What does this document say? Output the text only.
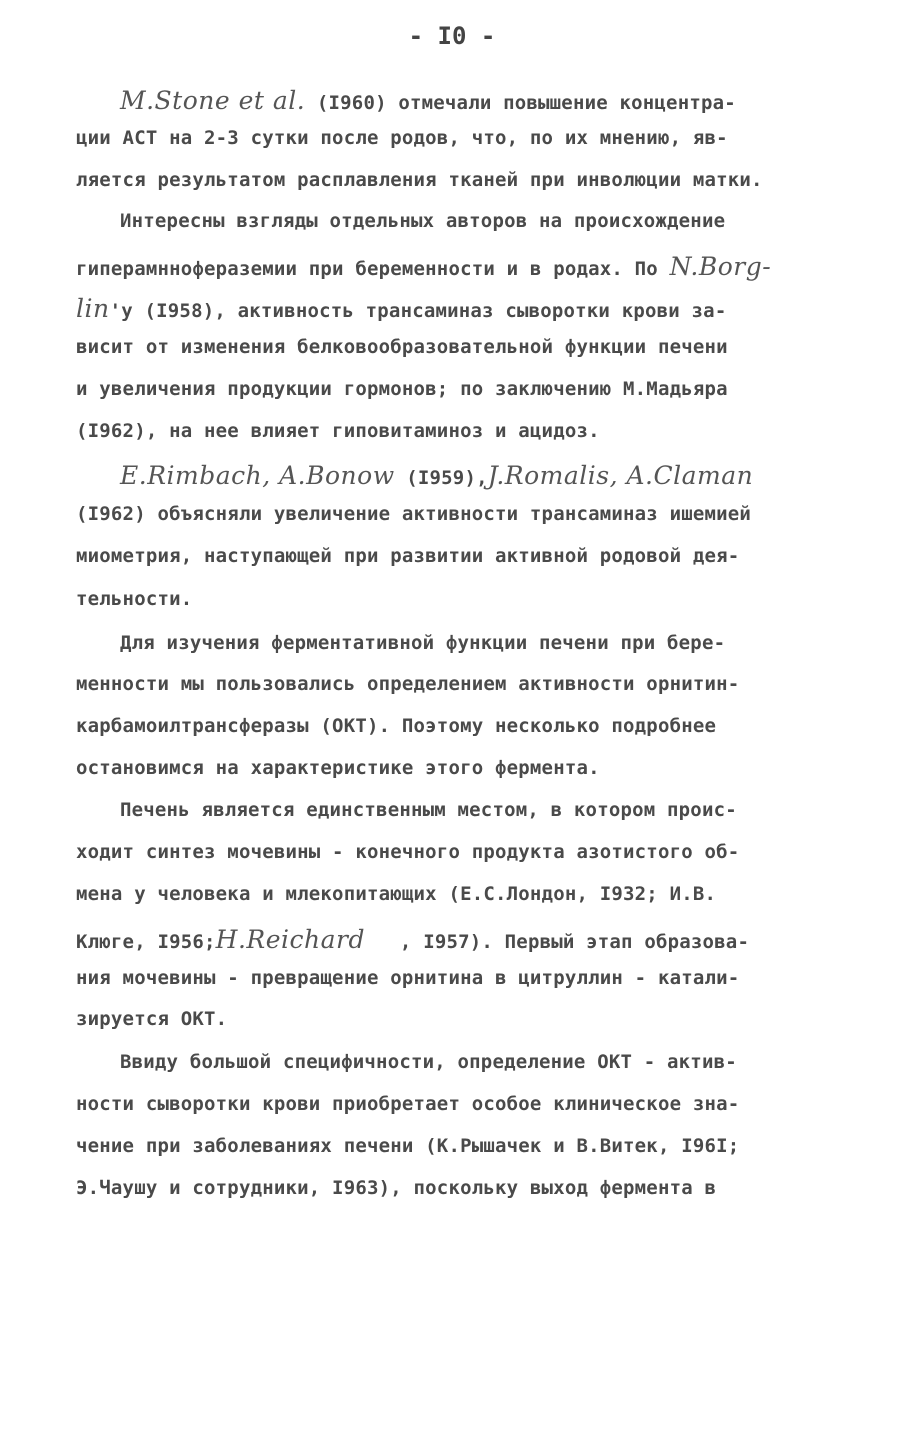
- I0 -
M.Stone et al. (I960) отмечали повышение концентра-
ции АСТ на 2-3 сутки после родов, что, по их мнению, яв-
ляется результатом расплавления тканей при инволюции матки.
Интересны взгляды отдельных авторов на происхождение
гиперамннофераземии при беременности и в родах. По N.Borg-
lin'у (I958), активность трансаминаз сыворотки крови за-
висит от изменения белковообразовательной функции печени
и увеличения продукции гормонов; по заключению М.Мадьяра
(I962), на нее влияет гиповитаминоз и ацидоз.
E.Rimbach, A.Bonow (I959),J.Romalis, A.Claman
(I962) объясняли увеличение активности трансаминаз ишемией
миометрия, наступающей при развитии активной родовой дея-
тельности.
Для изучения ферментативной функции печени при бере-
менности мы пользовались определением активности орнитин-
карбамоилтрансферазы (ОКТ). Поэтому несколько подробнее
остановимся на характеристике этого фермента.
Печень является единственным местом, в котором проис-
ходит синтез мочевины - конечного продукта азотистого об-
мена у человека и млекопитающих (Е.С.Лондон, I932; И.В.
Клюге, I956;H.Reichard   , I957). Первый этап образова-
ния мочевины - превращение орнитина в цитруллин - катали-
зируется ОКТ.
Ввиду большой специфичности, определение ОКТ - актив-
ности сыворотки крови приобретает особое клиническое зна-
чение при заболеваниях печени (К.Рышачек и В.Витек, I96I;
Э.Чаушу и сотрудники, I963), поскольку выход фермента в
